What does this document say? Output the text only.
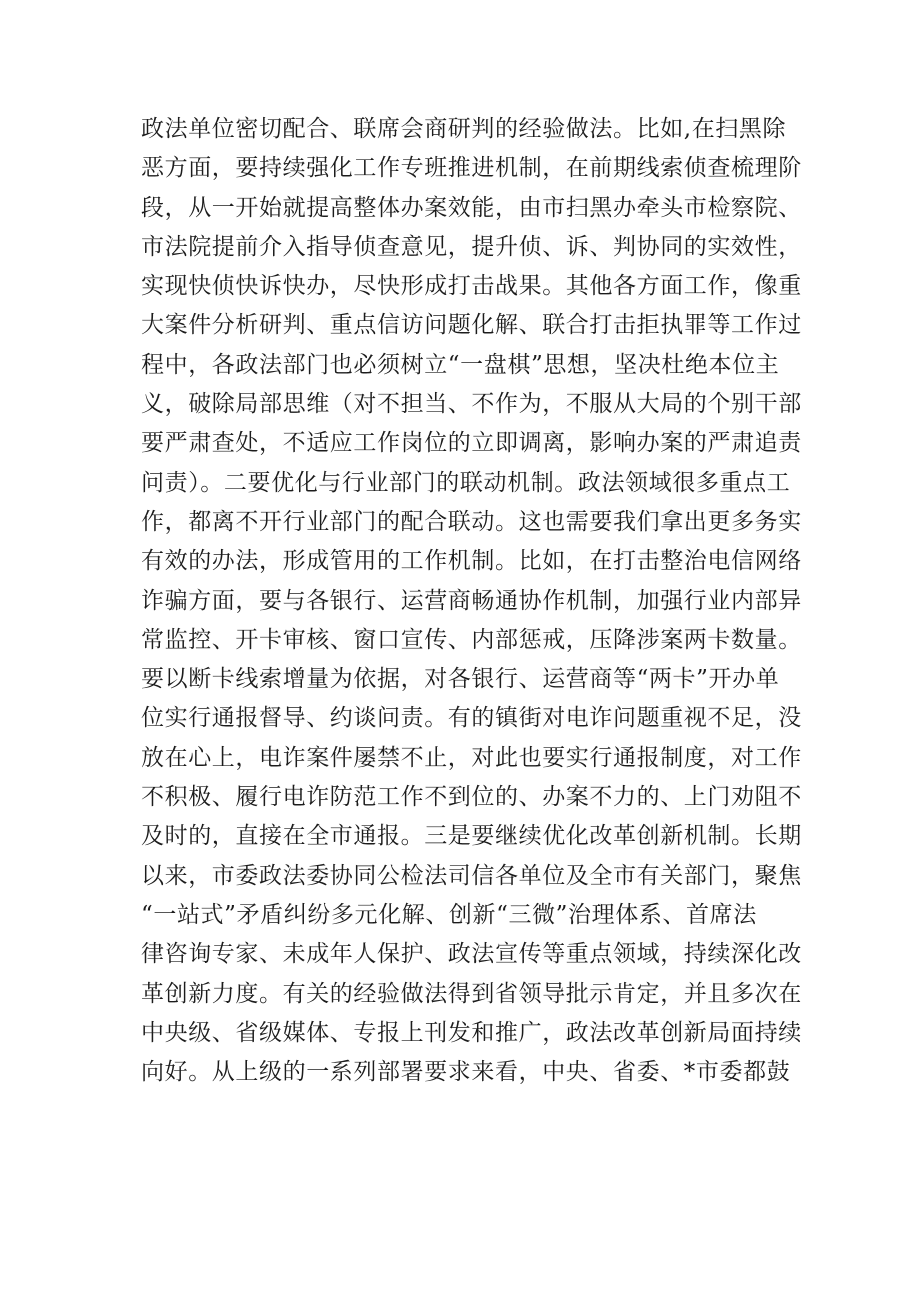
政法单位密切配合、联席会商研判的经验做法。比如,在扫黑除
恶方面，要持续强化工作专班推进机制，在前期线索侦查梳理阶
段，从一开始就提高整体办案效能，由市扫黑办牵头市检察院、
市法院提前介入指导侦查意见，提升侦、诉、判协同的实效性，
实现快侦快诉快办，尽快形成打击战果。其他各方面工作，像重
大案件分析研判、重点信访问题化解、联合打击拒执罪等工作过
程中，各政法部门也必须树立“一盘棋”思想，坚决杜绝本位主
义，破除局部思维（对不担当、不作为，不服从大局的个别干部
要严肃查处，不适应工作岗位的立即调离，影响办案的严肃追责
问责）。二要优化与行业部门的联动机制。政法领域很多重点工
作，都离不开行业部门的配合联动。这也需要我们拿出更多务实
有效的办法，形成管用的工作机制。比如，在打击整治电信网络
诈骗方面，要与各银行、运营商畅通协作机制，加强行业内部异
常监控、开卡审核、窗口宣传、内部惩戒，压降涉案两卡数量。
要以断卡线索增量为依据，对各银行、运营商等“两卡”开办单
位实行通报督导、约谈问责。有的镇街对电诈问题重视不足，没
放在心上，电诈案件屡禁不止，对此也要实行通报制度，对工作
不积极、履行电诈防范工作不到位的、办案不力的、上门劝阻不
及时的，直接在全市通报。三是要继续优化改革创新机制。长期
以来，市委政法委协同公检法司信各单位及全市有关部门，聚焦
“一站式”矛盾纠纷多元化解、创新“三微”治理体系、首席法
律咨询专家、未成年人保护、政法宣传等重点领域，持续深化改
革创新力度。有关的经验做法得到省领导批示肯定，并且多次在
中央级、省级媒体、专报上刊发和推广，政法改革创新局面持续
向好。从上级的一系列部署要求来看，中央、省委、*市委都鼓
